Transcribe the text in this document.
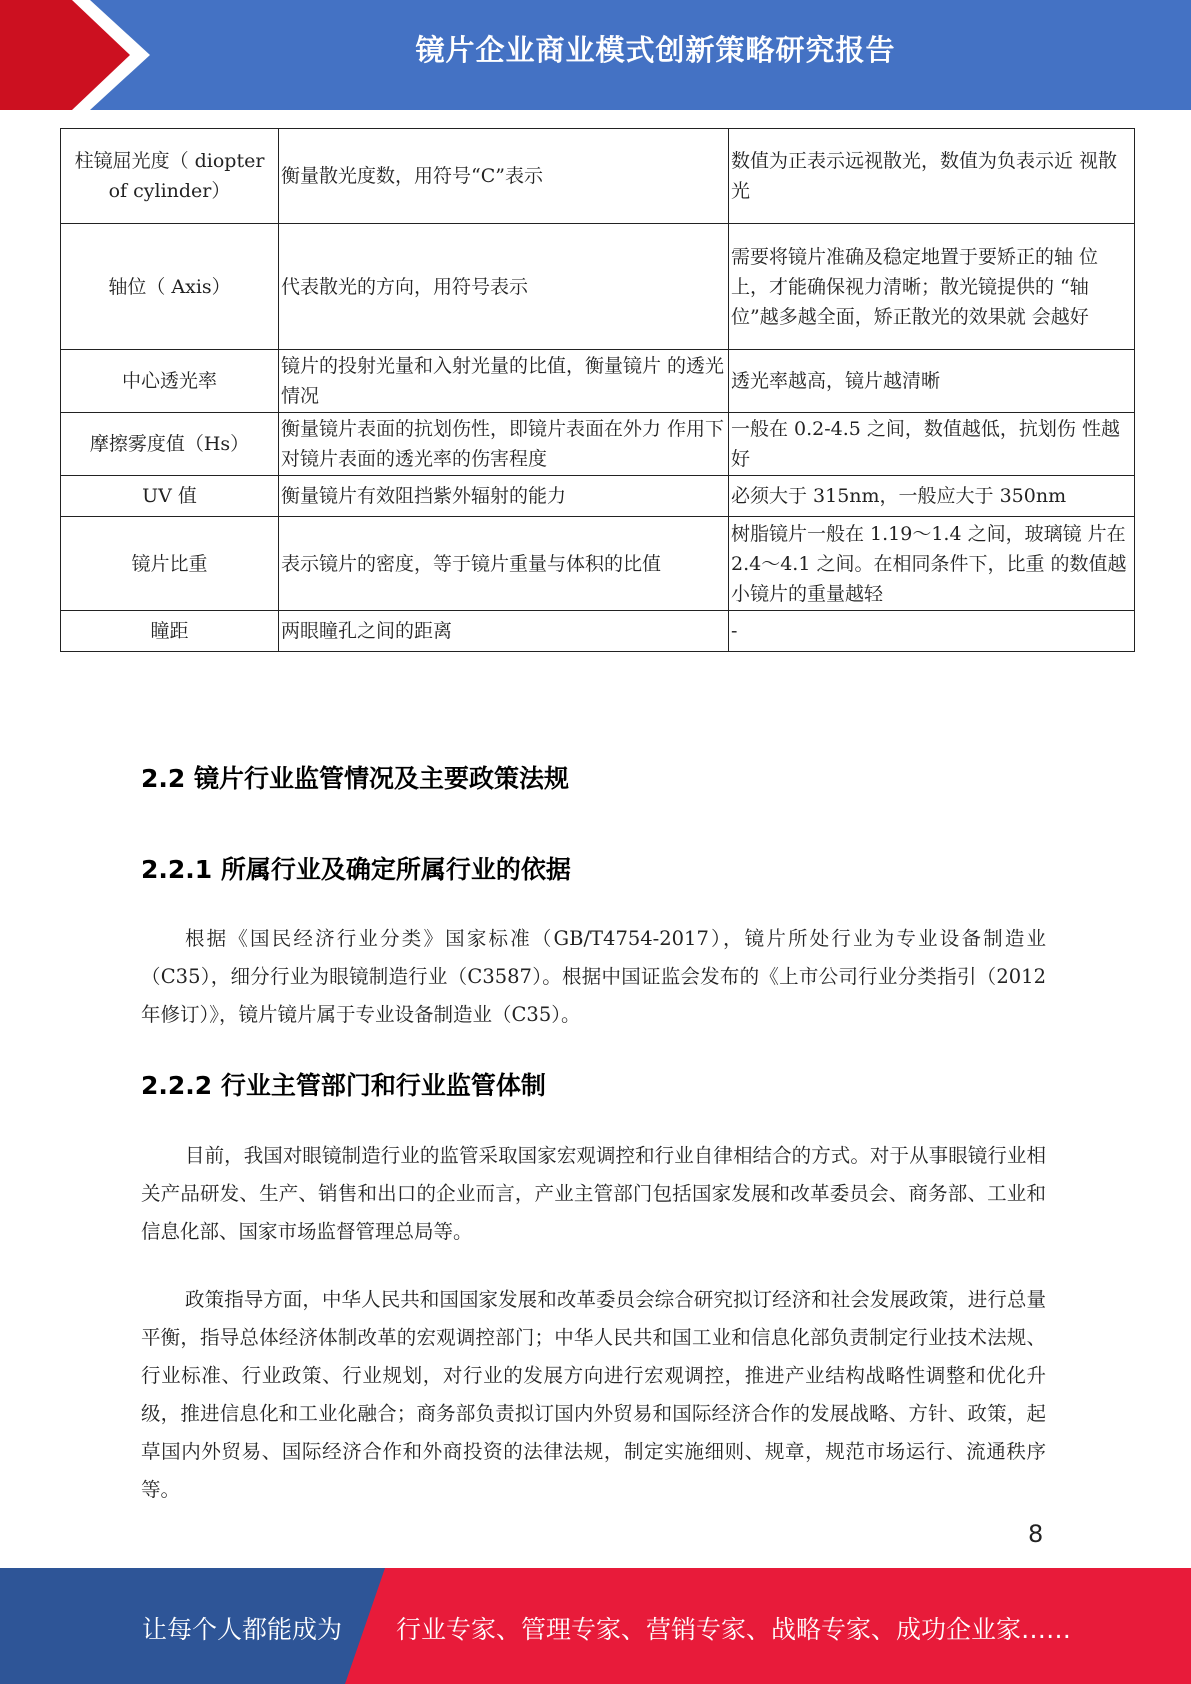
镜片企业商业模式创新策略研究报告
柱镜屈光度（ diopter of cylinder）	衡量散光度数，用符号“C”表示	数值为正表示远视散光，数值为负表示近 视散光
轴位（ Axis）	代表散光的方向，用符号表示	需要将镜片准确及稳定地置于要矫正的轴 位上，才能确保视力清晰；散光镜提供的 “轴位”越多越全面，矫正散光的效果就 会越好
中心透光率	镜片的投射光量和入射光量的比值，衡量镜片 的透光情况	透光率越高，镜片越清晰
摩擦雾度值（Hs）	衡量镜片表面的抗划伤性，即镜片表面在外力 作用下对镜片表面的透光率的伤害程度	一般在 0.2-4.5 之间，数值越低，抗划伤 性越好
UV 值	衡量镜片有效阻挡紫外辐射的能力	必须大于 315nm，一般应大于 350nm
镜片比重	表示镜片的密度，等于镜片重量与体积的比值	树脂镜片一般在 1.19～1.4 之间，玻璃镜 片在 2.4～4.1 之间。在相同条件下，比重 的数值越小镜片的重量越轻
瞳距	两眼瞳孔之间的距离	-
2.2 镜片行业监管情况及主要政策法规
2.2.1 所属行业及确定所属行业的依据
根据《国民经济行业分类》国家标准（GB/T4754-2017），镜片所处行业为专业设备制造业（C35），细分行业为眼镜制造行业（C3587）。根据中国证监会发布的《上市公司行业分类指引（2012 年修订）》，镜片镜片属于专业设备制造业（C35）。
2.2.2 行业主管部门和行业监管体制
目前，我国对眼镜制造行业的监管采取国家宏观调控和行业自律相结合的方式。对于从事眼镜行业相关产品研发、生产、销售和出口的企业而言，产业主管部门包括国家发展和改革委员会、商务部、工业和信息化部、国家市场监督管理总局等。
政策指导方面，中华人民共和国国家发展和改革委员会综合研究拟订经济和社会发展政策，进行总量平衡，指导总体经济体制改革的宏观调控部门；中华人民共和国工业和信息化部负责制定行业技术法规、行业标准、行业政策、行业规划，对行业的发展方向进行宏观调控，推进产业结构战略性调整和优化升级，推进信息化和工业化融合；商务部负责拟订国内外贸易和国际经济合作的发展战略、方针、政策，起草国内外贸易、国际经济合作和外商投资的法律法规，制定实施细则、规章，规范市场运行、流通秩序等。
8
让每个人都能成为 行业专家、管理专家、营销专家、战略专家、成功企业家……
